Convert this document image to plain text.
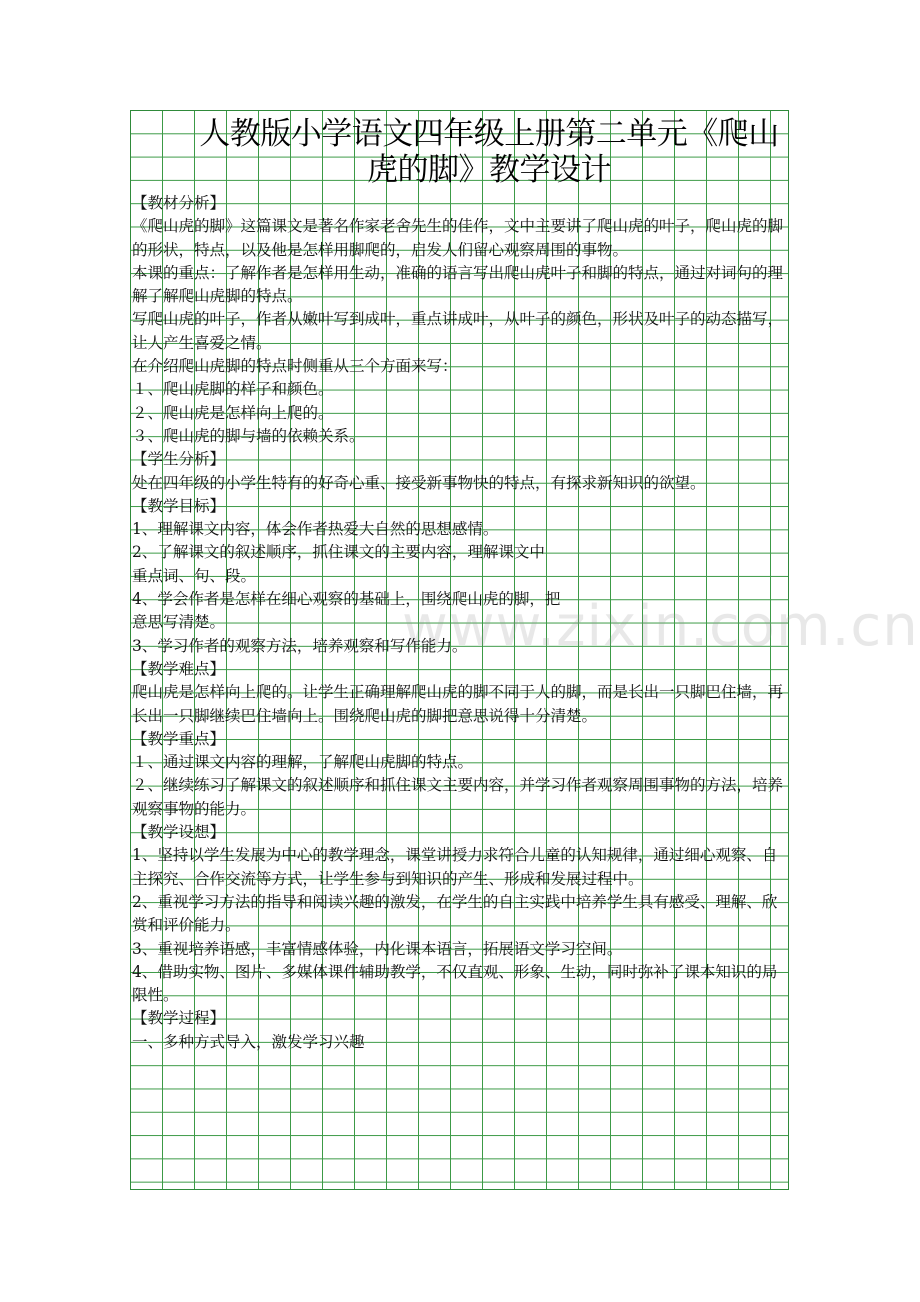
www.zixin.com.cn
人教版小学语文四年级上册第二单元《爬山虎的脚》教学设计

【教材分析】

《爬山虎的脚》这篇课文是著名作家老舍先生的佳作，文中主要讲了爬山虎的叶子，爬山虎的脚的形状，特点，以及他是怎样用脚爬的，启发人们留心观察周围的事物。

本课的重点：了解作者是怎样用生动，准确的语言写出爬山虎叶子和脚的特点，通过对词句的理解了解爬山虎脚的特点。

写爬山虎的叶子，作者从嫩叶写到成叶，重点讲成叶，从叶子的颜色，形状及叶子的动态描写，让人产生喜爱之情。

在介绍爬山虎脚的特点时侧重从三个方面来写：

１、爬山虎脚的样子和颜色。

２、爬山虎是怎样向上爬的。

３、爬山虎的脚与墙的依赖关系。

【学生分析】

处在四年级的小学生特有的好奇心重、接受新事物快的特点，有探求新知识的欲望。

【教学目标】

1、理解课文内容，体会作者热爱大自然的思想感情。

2、了解课文的叙述顺序，抓住课文的主要内容，理解课文中

重点词、句、段。

4、学会作者是怎样在细心观察的基础上，围绕爬山虎的脚，把

意思写清楚。

3、学习作者的观察方法，培养观察和写作能力。

【教学难点】

爬山虎是怎样向上爬的。让学生正确理解爬山虎的脚不同于人的脚，而是长出一只脚巴住墙，再长出一只脚继续巴住墙向上。围绕爬山虎的脚把意思说得十分清楚。

【教学重点】

１、通过课文内容的理解，了解爬山虎脚的特点。

２、继续练习了解课文的叙述顺序和抓住课文主要内容，并学习作者观察周围事物的方法，培养观察事物的能力。

【教学设想】

1、坚持以学生发展为中心的教学理念，课堂讲授力求符合儿童的认知规律，通过细心观察、自主探究、合作交流等方式，让学生参与到知识的产生、形成和发展过程中。

2、重视学习方法的指导和阅读兴趣的激发，在学生的自主实践中培养学生具有感受、理解、欣赏和评价能力。

3、重视培养语感，丰富情感体验，内化课本语言，拓展语文学习空间。

4、借助实物、图片、多媒体课件辅助教学，不仅直观、形象、生动，同时弥补了课本知识的局限性。

【教学过程】

一、多种方式导入，激发学习兴趣
